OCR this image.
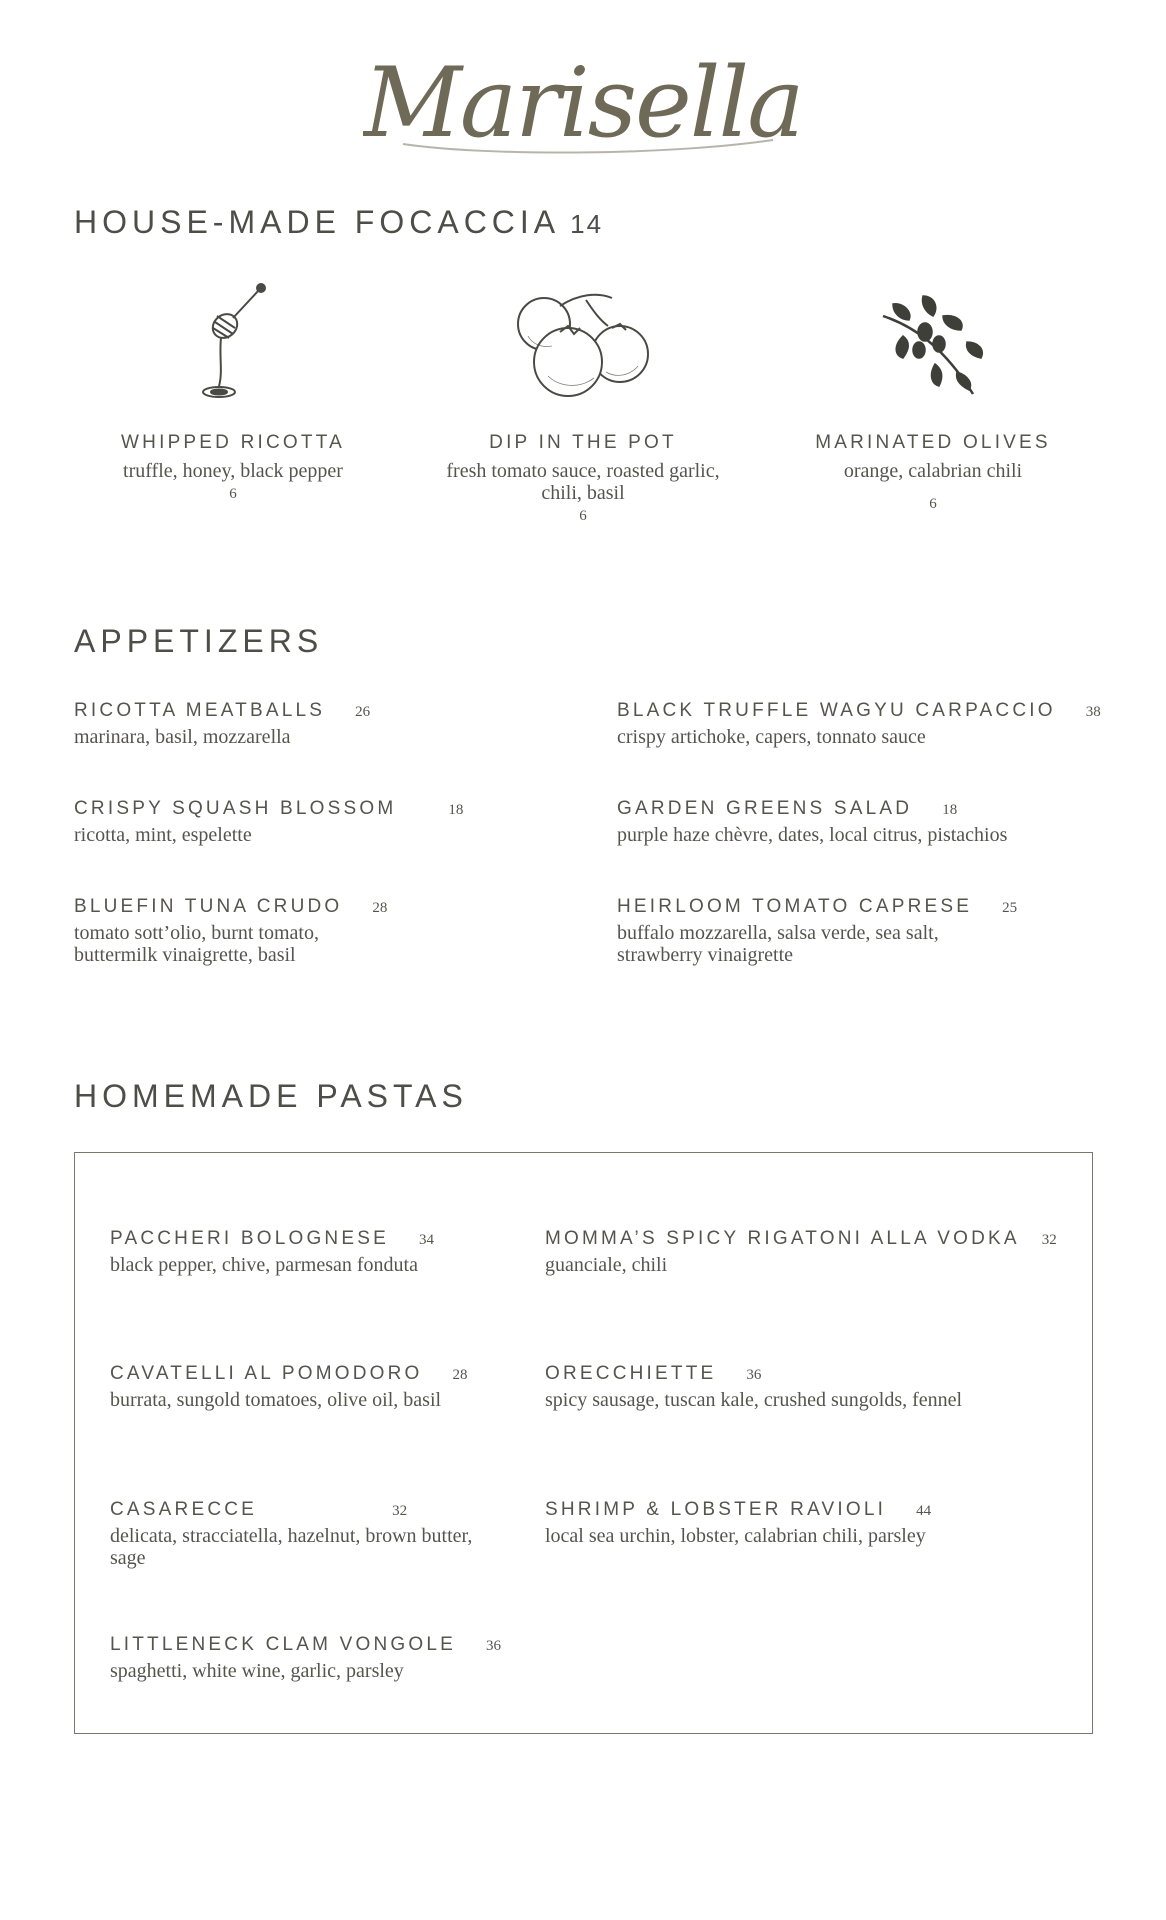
Marisella
HOUSE-MADE FOCACCIA 14
WHIPPED RICOTTA
truffle, honey, black pepper
6
DIP IN THE POT
fresh tomato sauce, roasted garlic, chili, basil
6
MARINATED OLIVES
orange, calabrian chili
6
APPETIZERS
RICOTTA MEATBALLS 26
marinara, basil, mozzarella
BLACK TRUFFLE WAGYU CARPACCIO 38
crispy artichoke, capers, tonnato sauce
CRISPY SQUASH BLOSSOM	18
ricotta, mint, espelette
GARDEN GREENS SALAD 18
purple haze chèvre, dates, local citrus, pistachios
BLUEFIN TUNA CRUDO 28
tomato sott’olio, burnt tomato, buttermilk vinaigrette, basil
HEIRLOOM TOMATO CAPRESE 25
buffalo mozzarella, salsa verde, sea salt, strawberry vinaigrette
HOMEMADE PASTAS
PACCHERI BOLOGNESE 34
black pepper, chive, parmesan fonduta
MOMMA’S SPICY RIGATONI ALLA VODKA 32
guanciale, chili
CAVATELLI AL POMODORO 28
burrata, sungold tomatoes, olive oil, basil
ORECCHIETTE 36
spicy sausage, tuscan kale, crushed sungolds, fennel
CASARECCE	32
delicata, stracciatella, hazelnut, brown butter, sage
SHRIMP & LOBSTER RAVIOLI 44
local sea urchin, lobster, calabrian chili, parsley
LITTLENECK CLAM VONGOLE 36
spaghetti, white wine, garlic, parsley
